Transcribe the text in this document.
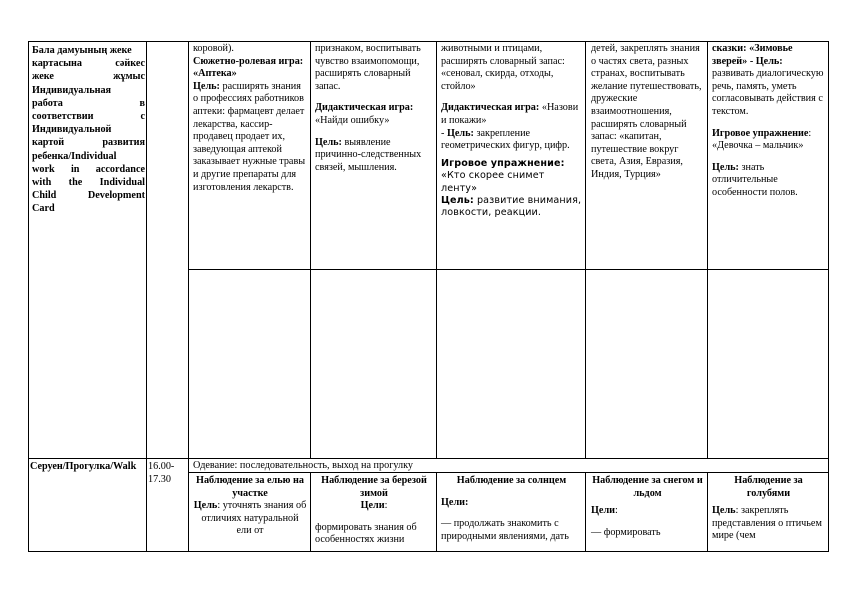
Бала дамуының жеке

картасына сәйкес

жеке жұмыс

Индивидуальная

работа в

соответствии с

Индивидуальной

картой развития

ребенка/Individual

work in accordance

with the Individual

Child Development

Card

коровой).

Сюжетно-ролевая игра: «Аптека»

Цель: расширять знания о профессиях работников аптеки: фармацевт делает лекарства, кассир-продавец продает их, заведующая аптекой заказывает нужные травы и другие препараты для изготовления лекарств.

признаком, воспитывать чувство взаимопомощи, расширять словарный запас.

Дидактическая игра: «Найди ошибку»

Цель: выявление причинно-следственных связей, мышления.

животными и птицами, расширять словарный запас: «сеновал, скирда, отходы, стойло»

Дидактическая игра: «Назови и покажи»

- Цель: закрепление геометрических фигур, цифр.

Игровое упражнение: «Кто скорее снимет ленту»

Цель: развитие внимания, ловкости, реакции.

детей, закреплять знания о частях света, разных странах, воспитывать желание путешествовать, дружеские взаимоотношения, расширять словарный запас: «капитан, путешествие вокруг света, Азия, Евразия, Индия, Турция»

сказки: «Зимовье зверей» - Цель: развивать диалогическую речь, память, уметь согласовывать действия с текстом.

Игровое упражнение: «Девочка – мальчик»

Цель: знать отличительные особенности полов.

Серуен/Прогулка/Walk	16.00-17.30
Одевание: последовательность, выход на прогулку

Наблюдение за елью на участке

Цель: уточнять знания об отличиях натуральной ели от

Наблюдение за березой зимой

Цели:

формировать знания об особенностях жизни

Наблюдение за солнцем

Цели:

— продолжать знакомить с природными явлениями, дать

Наблюдение за снегом и льдом

Цели:

— формировать

Наблюдение за голубями

Цель: закреплять представления о птичьем мире (чем
